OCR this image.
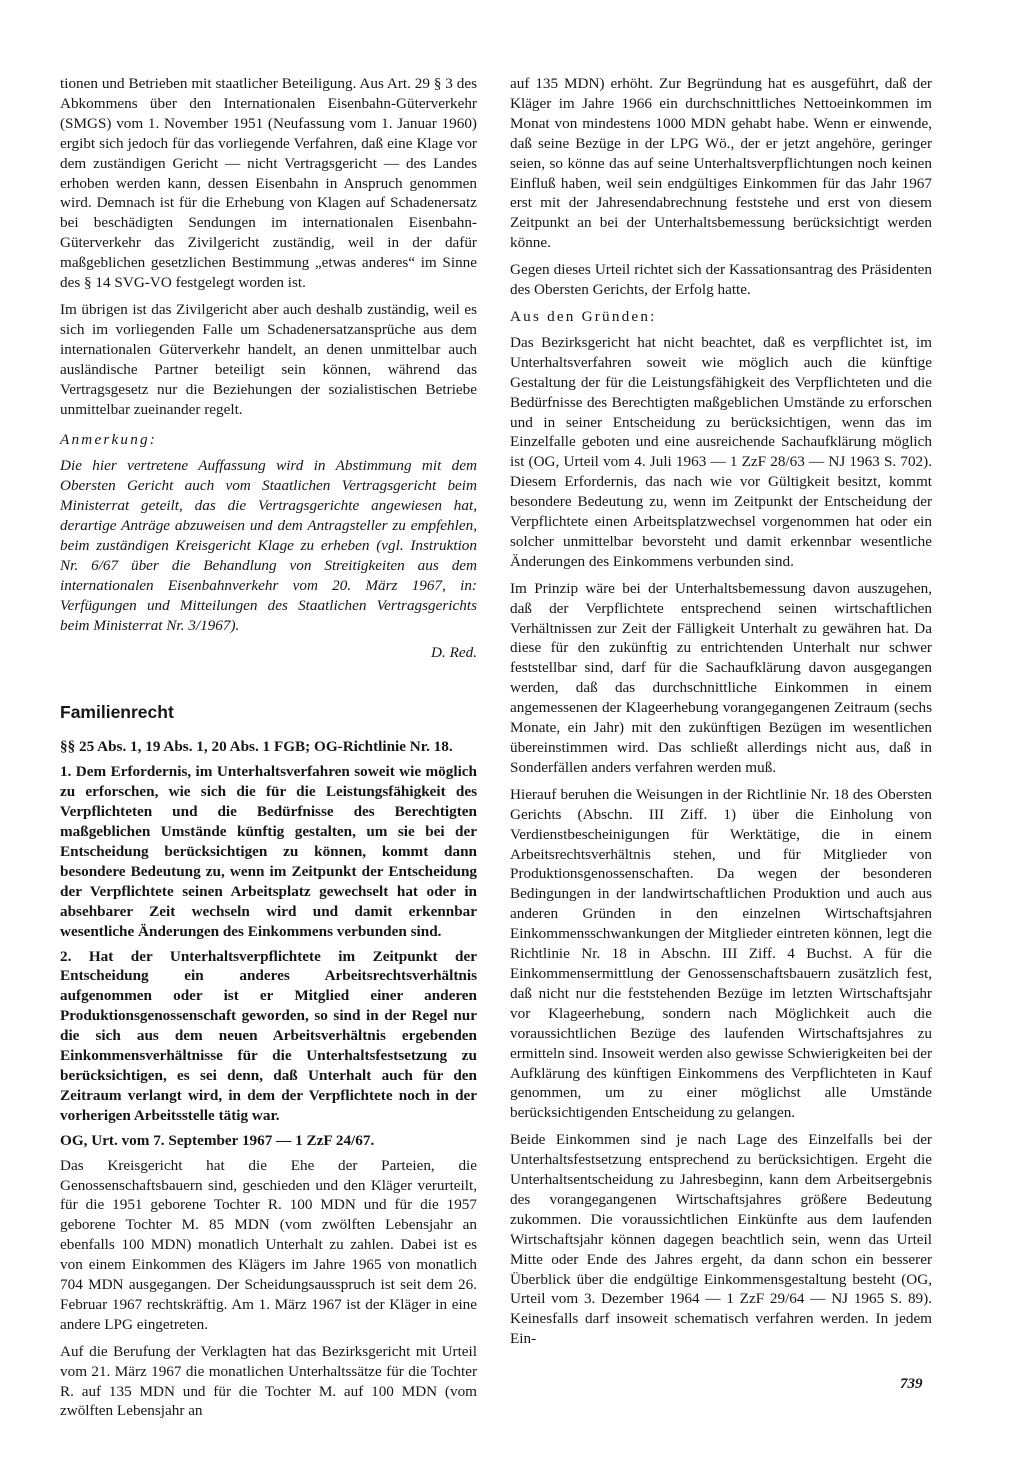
tionen und Betrieben mit staatlicher Beteiligung. Aus Art. 29 § 3 des Abkommens über den Internationalen Eisenbahn-Güterverkehr (SMGS) vom 1. November 1951 (Neufassung vom 1. Januar 1960) ergibt sich jedoch für das vorliegende Verfahren, daß eine Klage vor dem zuständigen Gericht — nicht Vertragsgericht — des Landes erhoben werden kann, dessen Eisenbahn in Anspruch genommen wird. Demnach ist für die Erhebung von Klagen auf Schadenersatz bei beschädigten Sendungen im internationalen Eisenbahn-Güterverkehr das Zivilgericht zuständig, weil in der dafür maßgeblichen gesetzlichen Bestimmung „etwas anderes“ im Sinne des § 14 SVG-VO festgelegt worden ist.

Im übrigen ist das Zivilgericht aber auch deshalb zuständig, weil es sich im vorliegenden Falle um Schadenersatzansprüche aus dem internationalen Güterverkehr handelt, an denen unmittelbar auch ausländische Partner beteiligt sein können, während das Vertragsgesetz nur die Beziehungen der sozialistischen Betriebe unmittelbar zueinander regelt.

Anmerkung:

Die hier vertretene Auffassung wird in Abstimmung mit dem Obersten Gericht auch vom Staatlichen Vertragsgericht beim Ministerrat geteilt, das die Vertragsgerichte angewiesen hat, derartige Anträge abzuweisen und dem Antragsteller zu empfehlen, beim zuständigen Kreisgericht Klage zu erheben (vgl. Instruktion Nr. 6/67 über die Behandlung von Streitigkeiten aus dem internationalen Eisenbahnverkehr vom 20. März 1967, in: Verfügungen und Mitteilungen des Staatlichen Vertragsgerichts beim Ministerrat Nr. 3/1967).

D. Red.

Familienrecht

§§ 25 Abs. 1, 19 Abs. 1, 20 Abs. 1 FGB; OG-Richtlinie Nr. 18.

1. Dem Erfordernis, im Unterhaltsverfahren soweit wie möglich zu erforschen, wie sich die für die Leistungsfähigkeit des Verpflichteten und die Bedürfnisse des Berechtigten maßgeblichen Umstände künftig gestalten, um sie bei der Entscheidung berücksichtigen zu können, kommt dann besondere Bedeutung zu, wenn im Zeitpunkt der Entscheidung der Verpflichtete seinen Arbeitsplatz gewechselt hat oder in absehbarer Zeit wechseln wird und damit erkennbar wesentliche Änderungen des Einkommens verbunden sind.

2. Hat der Unterhaltsverpflichtete im Zeitpunkt der Entscheidung ein anderes Arbeitsrechtsverhältnis aufgenommen oder ist er Mitglied einer anderen Produktionsgenossenschaft geworden, so sind in der Regel nur die sich aus dem neuen Arbeitsverhältnis ergebenden Einkommensverhältnisse für die Unterhaltsfestsetzung zu berücksichtigen, es sei denn, daß Unterhalt auch für den Zeitraum verlangt wird, in dem der Verpflichtete noch in der vorherigen Arbeitsstelle tätig war.

OG, Urt. vom 7. September 1967 — 1 ZzF 24/67.

Das Kreisgericht hat die Ehe der Parteien, die Genossenschaftsbauern sind, geschieden und den Kläger verurteilt, für die 1951 geborene Tochter R. 100 MDN und für die 1957 geborene Tochter M. 85 MDN (vom zwölften Lebensjahr an ebenfalls 100 MDN) monatlich Unterhalt zu zahlen. Dabei ist es von einem Einkommen des Klägers im Jahre 1965 von monatlich 704 MDN ausgegangen. Der Scheidungsausspruch ist seit dem 26. Februar 1967 rechtskräftig. Am 1. März 1967 ist der Kläger in eine andere LPG eingetreten.

Auf die Berufung der Verklagten hat das Bezirksgericht mit Urteil vom 21. März 1967 die monatlichen Unterhaltssätze für die Tochter R. auf 135 MDN und für die Tochter M. auf 100 MDN (vom zwölften Lebensjahr an

auf 135 MDN) erhöht. Zur Begründung hat es ausgeführt, daß der Kläger im Jahre 1966 ein durchschnittliches Nettoeinkommen im Monat von mindestens 1000 MDN gehabt habe. Wenn er einwende, daß seine Bezüge in der LPG Wö., der er jetzt angehöre, geringer seien, so könne das auf seine Unterhaltsverpflichtungen noch keinen Einfluß haben, weil sein endgültiges Einkommen für das Jahr 1967 erst mit der Jahresendabrechnung feststehe und erst von diesem Zeitpunkt an bei der Unterhaltsbemessung berücksichtigt werden könne.

Gegen dieses Urteil richtet sich der Kassationsantrag des Präsidenten des Obersten Gerichts, der Erfolg hatte.

Aus den Gründen:

Das Bezirksgericht hat nicht beachtet, daß es verpflichtet ist, im Unterhaltsverfahren soweit wie möglich auch die künftige Gestaltung der für die Leistungsfähigkeit des Verpflichteten und die Bedürfnisse des Berechtigten maßgeblichen Umstände zu erforschen und in seiner Entscheidung zu berücksichtigen, wenn das im Einzelfalle geboten und eine ausreichende Sachaufklärung möglich ist (OG, Urteil vom 4. Juli 1963 — 1 ZzF 28/63 — NJ 1963 S. 702). Diesem Erfordernis, das nach wie vor Gültigkeit besitzt, kommt besondere Bedeutung zu, wenn im Zeitpunkt der Entscheidung der Verpflichtete einen Arbeitsplatzwechsel vorgenommen hat oder ein solcher unmittelbar bevorsteht und damit erkennbar wesentliche Änderungen des Einkommens verbunden sind.

Im Prinzip wäre bei der Unterhaltsbemessung davon auszugehen, daß der Verpflichtete entsprechend seinen wirtschaftlichen Verhältnissen zur Zeit der Fälligkeit Unterhalt zu gewähren hat. Da diese für den zukünftig zu entrichtenden Unterhalt nur schwer feststellbar sind, darf für die Sachaufklärung davon ausgegangen werden, daß das durchschnittliche Einkommen in einem angemessenen der Klageerhebung vorangegangenen Zeitraum (sechs Monate, ein Jahr) mit den zukünftigen Bezügen im wesentlichen übereinstimmen wird. Das schließt allerdings nicht aus, daß in Sonderfällen anders verfahren werden muß.

Hierauf beruhen die Weisungen in der Richtlinie Nr. 18 des Obersten Gerichts (Abschn. III Ziff. 1) über die Einholung von Verdienstbescheinigungen für Werktätige, die in einem Arbeitsrechtsverhältnis stehen, und für Mitglieder von Produktionsgenossenschaften. Da wegen der besonderen Bedingungen in der landwirtschaftlichen Produktion und auch aus anderen Gründen in den einzelnen Wirtschaftsjahren Einkommensschwankungen der Mitglieder eintreten können, legt die Richtlinie Nr. 18 in Abschn. III Ziff. 4 Buchst. A für die Einkommensermittlung der Genossenschaftsbauern zusätzlich fest, daß nicht nur die feststehenden Bezüge im letzten Wirtschaftsjahr vor Klageerhebung, sondern nach Möglichkeit auch die voraussichtlichen Bezüge des laufenden Wirtschaftsjahres zu ermitteln sind. Insoweit werden also gewisse Schwierigkeiten bei der Aufklärung des künftigen Einkommens des Verpflichteten in Kauf genommen, um zu einer möglichst alle Umstände berücksichtigenden Entscheidung zu gelangen.

Beide Einkommen sind je nach Lage des Einzelfalls bei der Unterhaltsfestsetzung entsprechend zu berücksichtigen. Ergeht die Unterhaltsentscheidung zu Jahresbeginn, kann dem Arbeitsergebnis des vorangegangenen Wirtschaftsjahres größere Bedeutung zukommen. Die voraussichtlichen Einkünfte aus dem laufenden Wirtschaftsjahr können dagegen beachtlich sein, wenn das Urteil Mitte oder Ende des Jahres ergeht, da dann schon ein besserer Überblick über die endgültige Einkommensgestaltung besteht (OG, Urteil vom 3. Dezember 1964 — 1 ZzF 29/64 — NJ 1965 S. 89). Keinesfalls darf insoweit schematisch verfahren werden. In jedem Ein-

739
